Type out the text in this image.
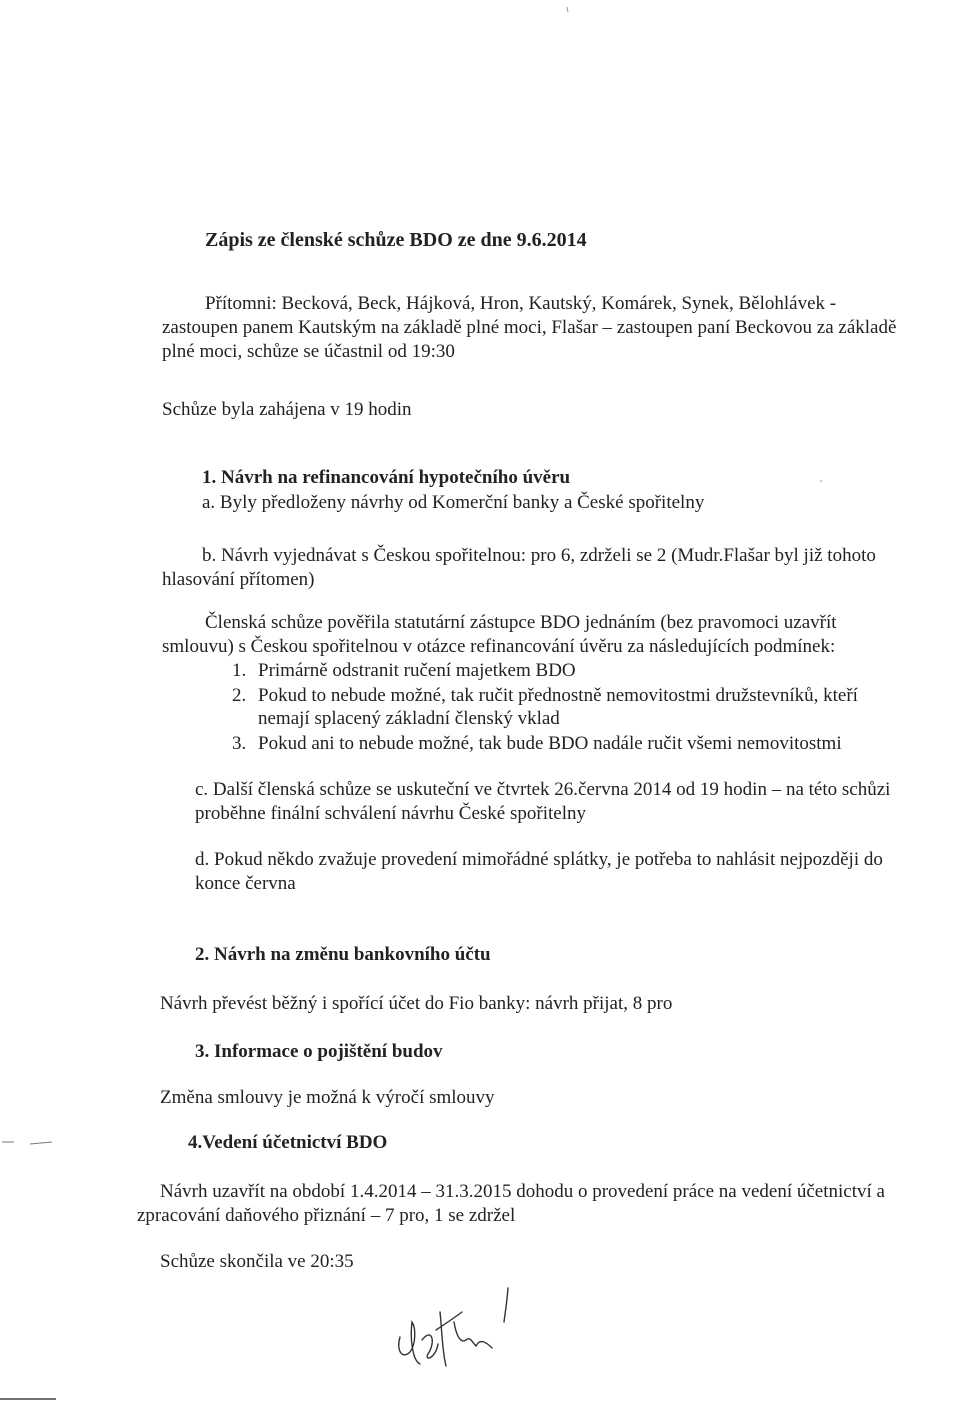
Zápis ze členské schůze BDO ze dne 9.6.2014
Přítomni: Becková, Beck, Hájková, Hron, Kautský, Komárek, Synek, Bělohlávek -
zastoupen panem Kautským na základě plné moci, Flašar – zastoupen paní Beckovou za základě
plné moci, schůze se účastnil od 19:30
Schůze byla zahájena v 19 hodin
1. Návrh na refinancování hypotečního úvěru
a. Byly předloženy návrhy od Komerční banky a České spořitelny
b. Návrh vyjednávat s Českou spořitelnou: pro 6, zdrželi se 2 (Mudr.Flašar byl již tohoto
hlasování přítomen)
Členská schůze pověřila statutární zástupce BDO jednáním (bez pravomoci uzavřít
smlouvu) s Českou spořitelnou v otázce refinancování úvěru za následujících podmínek:
1. Primárně odstranit ručení majetkem BDO
2. Pokud to nebude možné, tak ručit přednostně nemovitostmi družstevníků, kteří
nemají splacený základní členský vklad
3. Pokud ani to nebude možné, tak bude BDO nadále ručit všemi nemovitostmi
c. Další členská schůze se uskuteční ve čtvrtek 26.června 2014 od 19 hodin – na této schůzi
proběhne finální schválení návrhu České spořitelny
d. Pokud někdo zvažuje provedení mimořádné splátky, je potřeba to nahlásit nejpozději do
konce června
2. Návrh na změnu bankovního účtu
Návrh převést běžný i spořící účet do Fio banky: návrh přijat, 8 pro
3. Informace o pojištění budov
Změna smlouvy je možná k výročí smlouvy
4.Vedení účetnictví BDO
Návrh uzavřít na období 1.4.2014 – 31.3.2015 dohodu o provedení práce na vedení účetnictví a
zpracování daňového přiznání – 7 pro, 1 se zdržel
Schůze skončila ve 20:35
